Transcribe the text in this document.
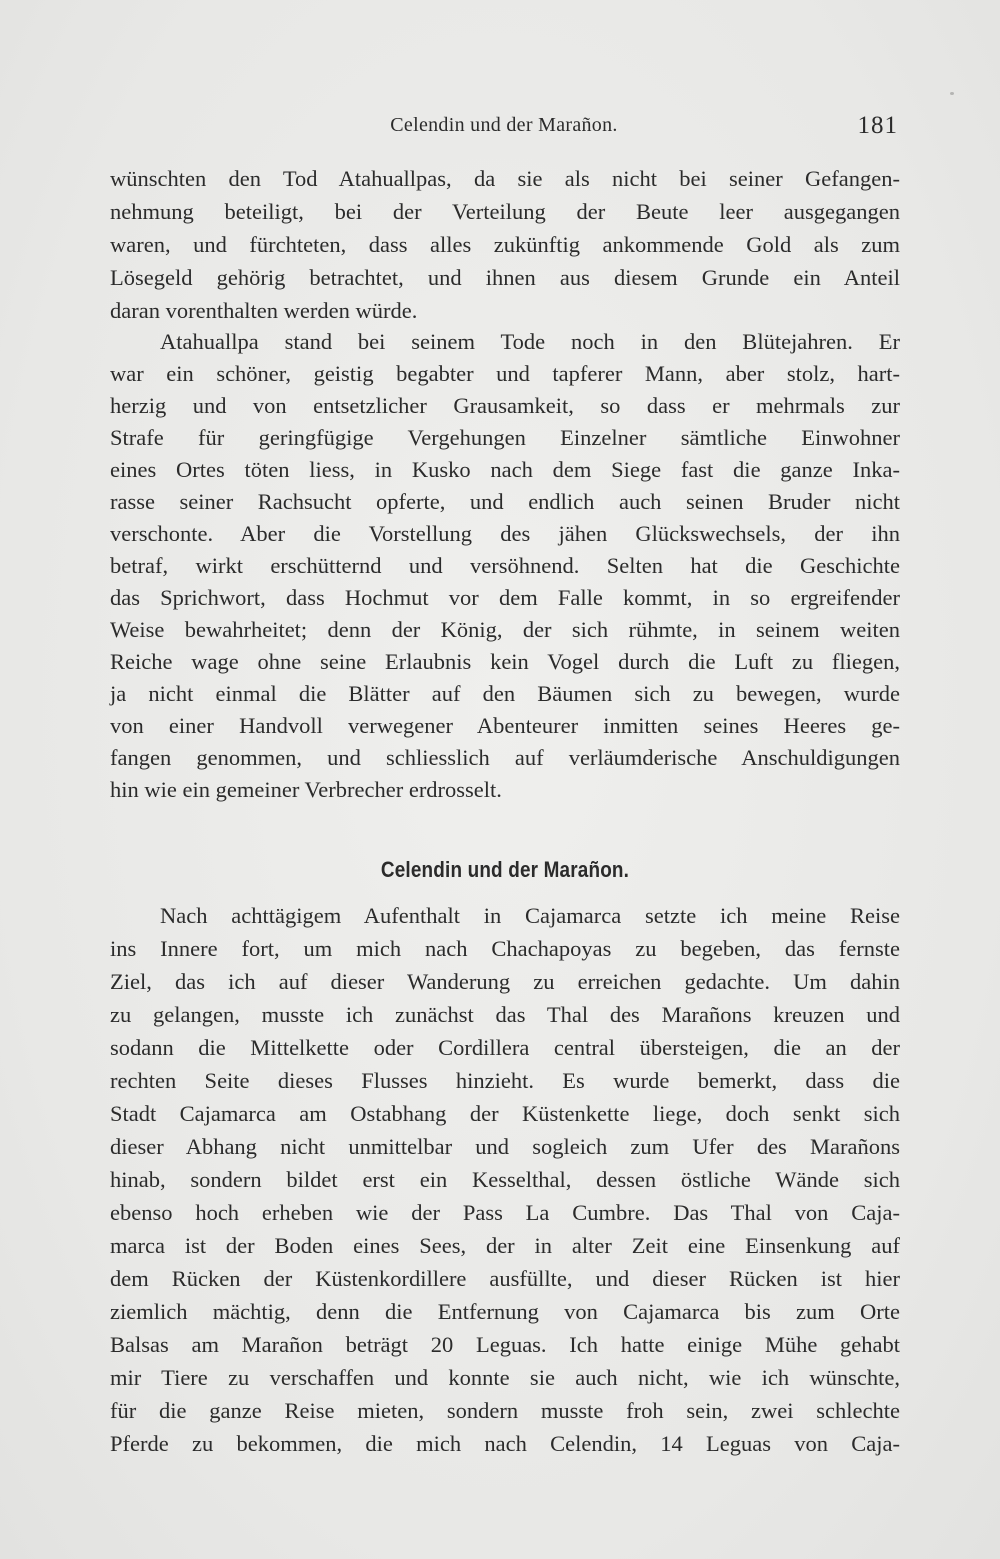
Celendin und der Marañon.	181
wünschten den Tod Atahuallpas, da sie als nicht bei seiner Gefangen-
nehmung beteiligt, bei der Verteilung der Beute leer ausgegangen
waren, und fürchteten, dass alles zukünftig ankommende Gold als zum
Lösegeld gehörig betrachtet, und ihnen aus diesem Grunde ein Anteil
daran vorenthalten werden würde.
Atahuallpa stand bei seinem Tode noch in den Blütejahren. Er
war ein schöner, geistig begabter und tapferer Mann, aber stolz, hart-
herzig und von entsetzlicher Grausamkeit, so dass er mehrmals zur
Strafe für geringfügige Vergehungen Einzelner sämtliche Einwohner
eines Ortes töten liess, in Kusko nach dem Siege fast die ganze Inka-
rasse seiner Rachsucht opferte, und endlich auch seinen Bruder nicht
verschonte. Aber die Vorstellung des jähen Glückswechsels, der ihn
betraf, wirkt erschütternd und versöhnend. Selten hat die Geschichte
das Sprichwort, dass Hochmut vor dem Falle kommt, in so ergreifender
Weise bewahrheitet; denn der König, der sich rühmte, in seinem weiten
Reiche wage ohne seine Erlaubnis kein Vogel durch die Luft zu fliegen,
ja nicht einmal die Blätter auf den Bäumen sich zu bewegen, wurde
von einer Handvoll verwegener Abenteurer inmitten seines Heeres ge-
fangen genommen, und schliesslich auf verläumderische Anschuldigungen
hin wie ein gemeiner Verbrecher erdrosselt.
Celendin und der Marañon.
Nach achttägigem Aufenthalt in Cajamarca setzte ich meine Reise
ins Innere fort, um mich nach Chachapoyas zu begeben, das fernste
Ziel, das ich auf dieser Wanderung zu erreichen gedachte. Um dahin
zu gelangen, musste ich zunächst das Thal des Marañons kreuzen und
sodann die Mittelkette oder Cordillera central übersteigen, die an der
rechten Seite dieses Flusses hinzieht. Es wurde bemerkt, dass die
Stadt Cajamarca am Ostabhang der Küstenkette liege, doch senkt sich
dieser Abhang nicht unmittelbar und sogleich zum Ufer des Marañons
hinab, sondern bildet erst ein Kesselthal, dessen östliche Wände sich
ebenso hoch erheben wie der Pass La Cumbre. Das Thal von Caja-
marca ist der Boden eines Sees, der in alter Zeit eine Einsenkung auf
dem Rücken der Küstenkordillere ausfüllte, und dieser Rücken ist hier
ziemlich mächtig, denn die Entfernung von Cajamarca bis zum Orte
Balsas am Marañon beträgt 20 Leguas. Ich hatte einige Mühe gehabt
mir Tiere zu verschaffen und konnte sie auch nicht, wie ich wünschte,
für die ganze Reise mieten, sondern musste froh sein, zwei schlechte
Pferde zu bekommen, die mich nach Celendin, 14 Leguas von Caja-
